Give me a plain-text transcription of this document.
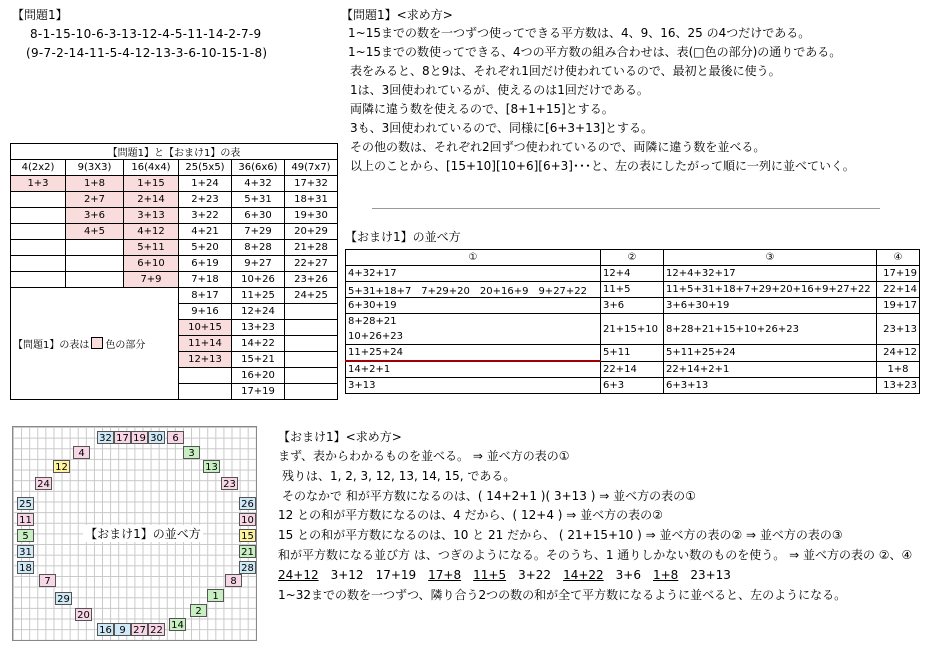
【問題1】
8-1-15-10-6-3-13-12-4-5-11-14-2-7-9
(9-7-2-14-11-5-4-12-13-3-6-10-15-1-8)
【問題1】と【おまけ1】の表					
4(2x2)	9(3X3)	16(4x4)	25(5x5)	36(6x6)	49(7x7)
1+3	1+8	1+15	1+24	4+32	17+32
	2+7	2+14	2+23	5+31	18+31
	3+6	3+13	3+22	6+30	19+30
	4+5	4+12	4+21	7+29	20+29
		5+11	5+20	8+28	21+28
		6+10	6+19	9+27	22+27
		7+9	7+18	10+26	23+26
【問題1】の表は 色の部分			8+17	11+25	24+25
			9+16	12+24	
			10+15	13+23	
			11+14	14+22	
			12+13	15+21	
				16+20	
				17+19	
【問題1】<求め方>
1~15までの数を一つずつ使ってできる平方数は、4、9、16、25 の4つだけである。
1~15までの数使ってできる、4つの平方数の組み合わせは、表(□色の部分)の通りである。
表をみると、8と9は、それぞれ1回だけ使われているので、最初と最後に使う。
1は、3回使われているが、使えるのは1回だけである。
両隣に違う数を使えるので、[8+1+15]とする。
3も、3回使われているので、同様に[6+3+13]とする。
その他の数は、それぞれ2回ずつ使われているので、両隣に違う数を並べる。
以上のことから、[15+10][10+6][6+3]･･･と、左の表にしたがって順に一列に並べていく。
【おまけ1】の並べ方
①	②	③	④
4+32+17	12+4	12+4+32+17	17+19
5+31+18+7　7+29+20　20+16+9　9+27+22	11+5	11+5+31+18+7+29+20+16+9+27+22	22+14
6+30+19	3+6	3+6+30+19	19+17
8+28+21	21+15+10	8+28+21+15+10+26+23	23+13
10+26+23			
11+25+24	5+11	5+11+25+24	24+12
14+2+1	22+14	22+14+2+1	1+8
3+13	6+3	6+3+13	13+23
【おまけ1】の並べ方
32 17 19 30 6
3
13
23
26
10
15
21
28
8
1
2
14
22
27
9
16
20
29
7
18
31
5
11
25
24
12
4
【おまけ1】<求め方>
まず、表からわかるものを並べる。 ⇒ 並べ方の表の①
残りは、1, 2, 3, 12, 13, 14, 15, である。
そのなかで 和が平方数になるのは、( 14+2+1 )( 3+13 ) ⇒ 並べ方の表の①
12 との和が平方数になるのは、4 だから、( 12+4 ) ⇒ 並べ方の表の②
15 との和が平方数になるのは、10 と 21 だから、 ( 21+15+10 ) ⇒ 並べ方の表の② ⇒ 並べ方の表の③
和が平方数になる並び方 は、つぎのようになる。そのうち、1 通りしかない数のものを使う。 ⇒ 並べ方の表の ②、④
24+12 3+12 17+19 17+8 11+5 3+22 14+22 3+6 1+8 23+13
1~32までの数を一つずつ、隣り合う2つの数の和が全て平方数になるように並べると、左のようになる。
